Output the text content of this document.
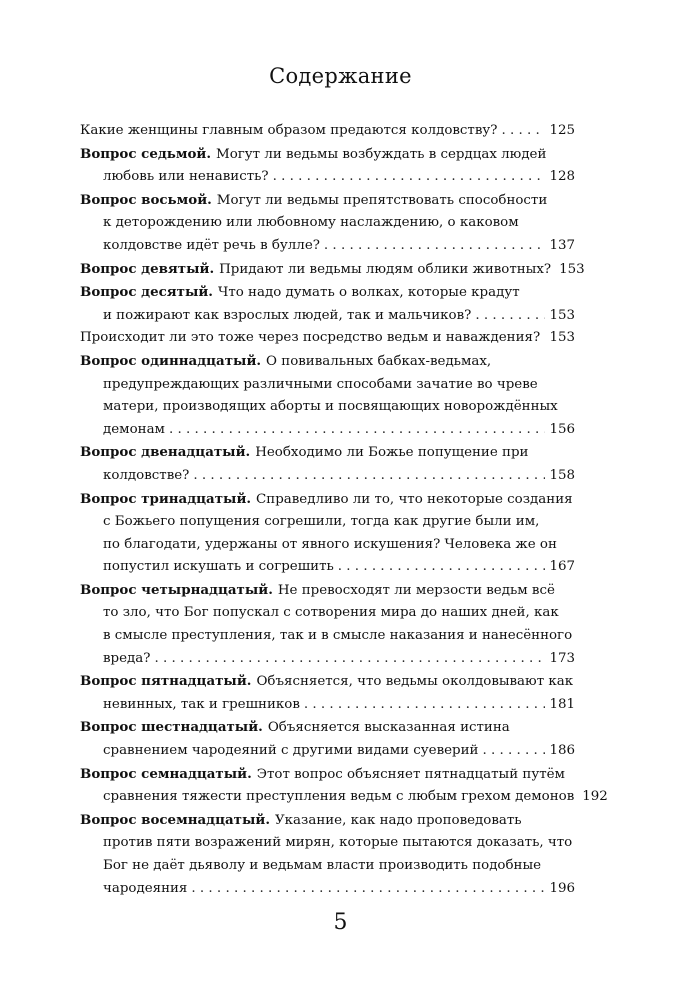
Содержание
Какие женщины главным образом предаются колдовству? . . .	125
Вопрос седьмой. Могут ли ведьмы возбуждать в сердцах людей
любовь или ненависть? . . .	128
Вопрос восьмой. Могут ли ведьмы препятствовать способности
к деторождению или любовному наслаждению, о каковом
колдовстве идёт речь в булле? . . .	137
Вопрос девятый. Придают ли ведьмы людям облики животных? 153
Вопрос десятый. Что надо думать о волках, которые крадут
и пожирают как взрослых людей, так и мальчиков? . . .	153
Происходит ли это тоже через посредство ведьм и наваждения? . . . 153
Вопрос одиннадцатый. О повивальных бабках-ведьмах,
предупреждающих различными способами зачатие во чреве
матери, производящих аборты и посвящающих новорождённых
демонам . . .	156
Вопрос двенадцатый. Необходимо ли Божье попущение при
колдовстве? . . .	158
Вопрос тринадцатый. Справедливо ли то, что некоторые создания
с Божьего попущения согрешили, тогда как другие были им,
по благодати, удержаны от явного искушения? Человека же он
попустил искушать и согрешить . . .	167
Вопрос четырнадцатый. Не превосходят ли мерзости ведьм всё
то зло, что Бог попускал с сотворения мира до наших дней, как
в смысле преступления, так и в смысле наказания и нанесённого
вреда? . . .	173
Вопрос пятнадцатый. Объясняется, что ведьмы околдовывают как
невинных, так и грешников . . .	181
Вопрос шестнадцатый. Объясняется высказанная истина
сравнением чародеяний с другими видами суеверий . . .	186
Вопрос семнадцатый. Этот вопрос объясняет пятнадцатый путём
сравнения тяжести преступления ведьм с любым грехом демонов 192
Вопрос восемнадцатый. Указание, как надо проповедовать
против пяти возражений мирян, которые пытаются доказать, что
Бог не даёт дьяволу и ведьмам власти производить подобные
чародеяния . . .	196
5
